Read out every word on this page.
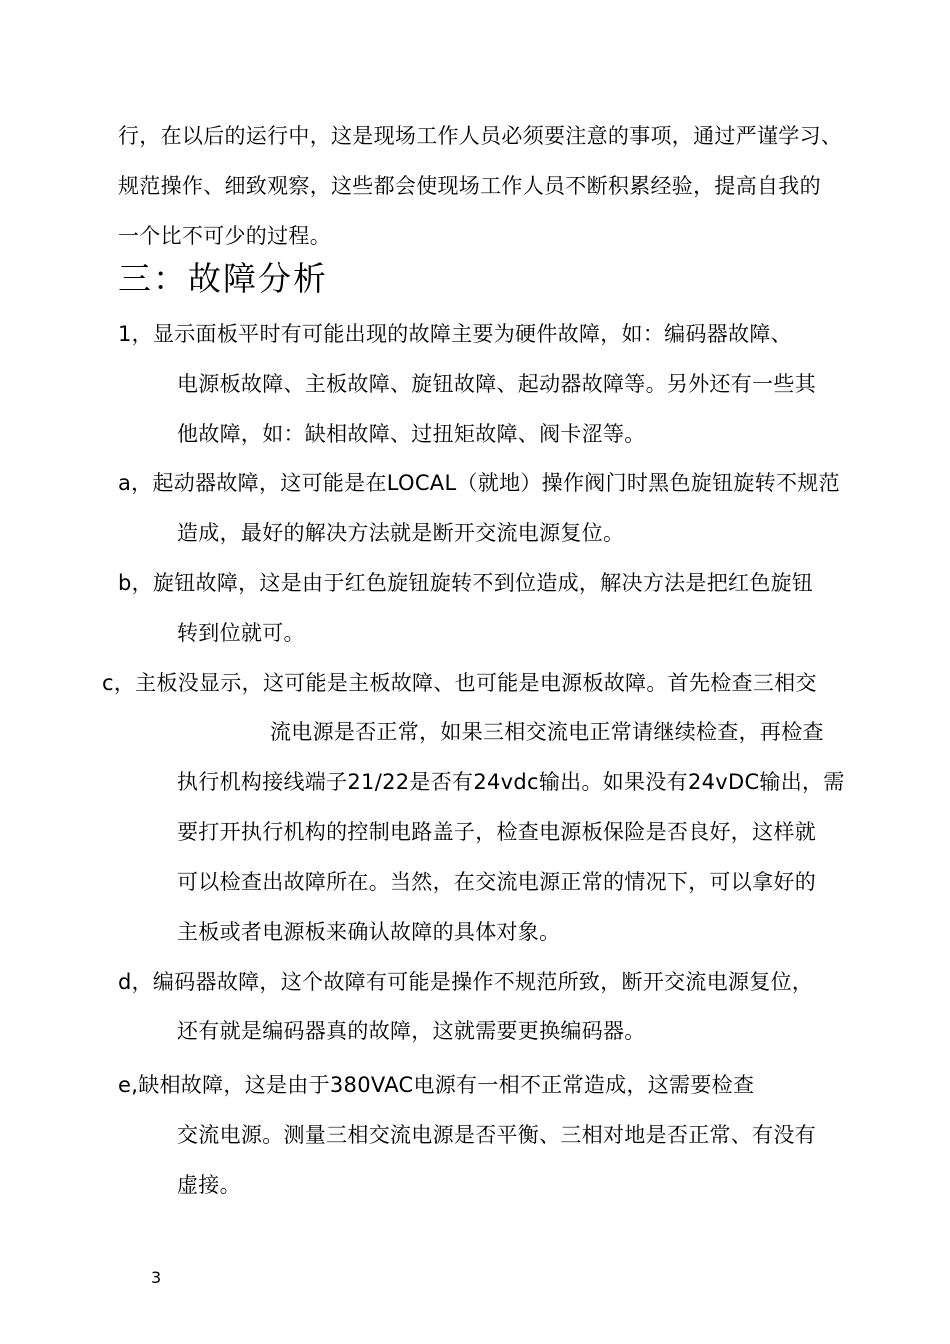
行，在以后的运行中，这是现场工作人员必须要注意的事项，通过严谨学习、
规范操作、细致观察，这些都会使现场工作人员不断积累经验，提高自我的
一个比不可少的过程。
三：故障分析
1，显示面板平时有可能出现的故障主要为硬件故障，如：编码器故障、
电源板故障、主板故障、旋钮故障、起动器故障等。另外还有一些其
他故障，如：缺相故障、过扭矩故障、阀卡涩等。
a，起动器故障，这可能是在LOCAL（就地）操作阀门时黑色旋钮旋转不规范
造成，最好的解决方法就是断开交流电源复位。
b，旋钮故障，这是由于红色旋钮旋转不到位造成，解决方法是把红色旋钮
转到位就可。
c，主板没显示，这可能是主板故障、也可能是电源板故障。首先检查三相交
流电源是否正常，如果三相交流电正常请继续检查，再检查
执行机构接线端子21/22是否有24vdc输出。如果没有24vDC输出，需
要打开执行机构的控制电路盖子，检查电源板保险是否良好，这样就
可以检查出故障所在。当然，在交流电源正常的情况下，可以拿好的
主板或者电源板来确认故障的具体对象。
d，编码器故障，这个故障有可能是操作不规范所致，断开交流电源复位，
还有就是编码器真的故障，这就需要更换编码器。
e,缺相故障，这是由于380VAC电源有一相不正常造成，这需要检查
交流电源。测量三相交流电源是否平衡、三相对地是否正常、有没有
虚接。
3
